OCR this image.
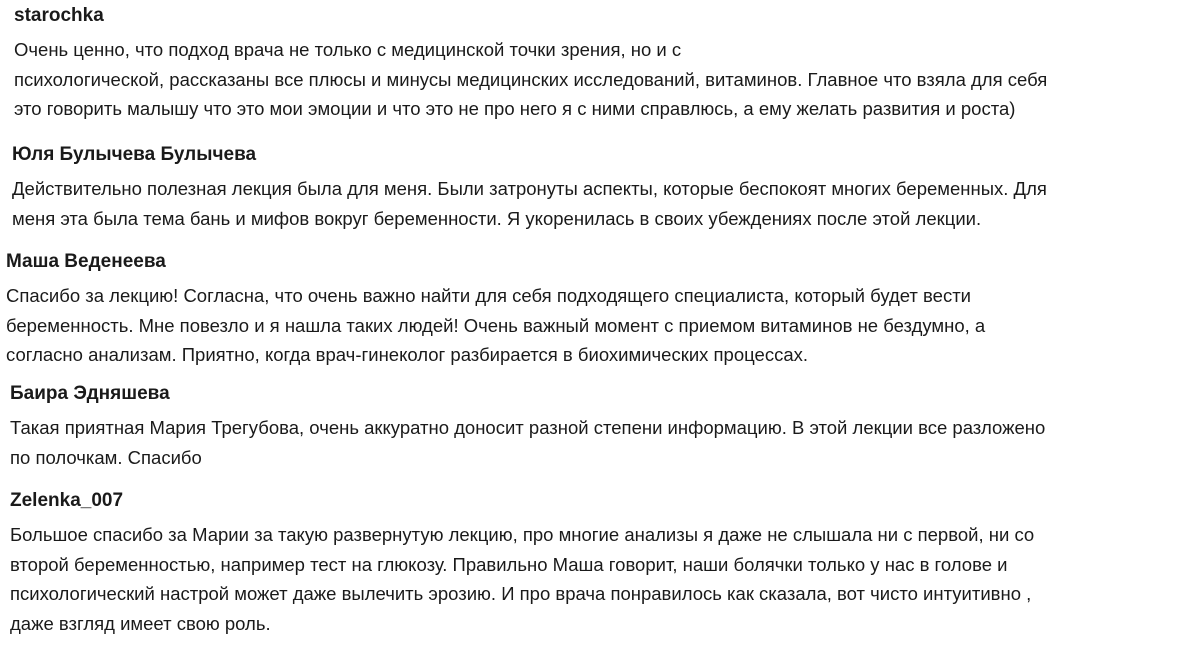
starochka
Очень ценно, что подход врача не только с медицинской точки зрения, но и с
психологической, рассказаны все плюсы и минусы медицинских исследований, витаминов. Главное что взяла для себя
это говорить малышу что это мои эмоции и что это не про него я с ними справлюсь, а ему желать развития и роста)
Юля Булычева Булычева
Действительно полезная лекция была для меня. Были затронуты аспекты, которые беспокоят многих беременных. Для
меня эта была тема бань и мифов вокруг беременности. Я укоренилась в своих убеждениях после этой лекции.
Маша Веденеева
Спасибо за лекцию! Согласна, что очень важно найти для себя подходящего специалиста, который будет вести
беременность. Мне повезло и я нашла таких людей! Очень важный момент с приемом витаминов не бездумно, а
согласно анализам. Приятно, когда врач-гинеколог разбирается в биохимических процессах.
Баира Эдняшева
Такая приятная Мария Трегубова, очень аккуратно доносит разной степени информацию. В этой лекции все разложено
по полочкам. Спасибо
Zelenka_007
Большое спасибо за Марии за такую развернутую лекцию, про многие анализы я даже не слышала ни с первой, ни со
второй беременностью, например тест на глюкозу. Правильно Маша говорит, наши болячки только у нас в голове и
психологический настрой может даже вылечить эрозию. И про врача понравилось как сказала, вот чисто интуитивно ,
даже взгляд имеет свою роль.
